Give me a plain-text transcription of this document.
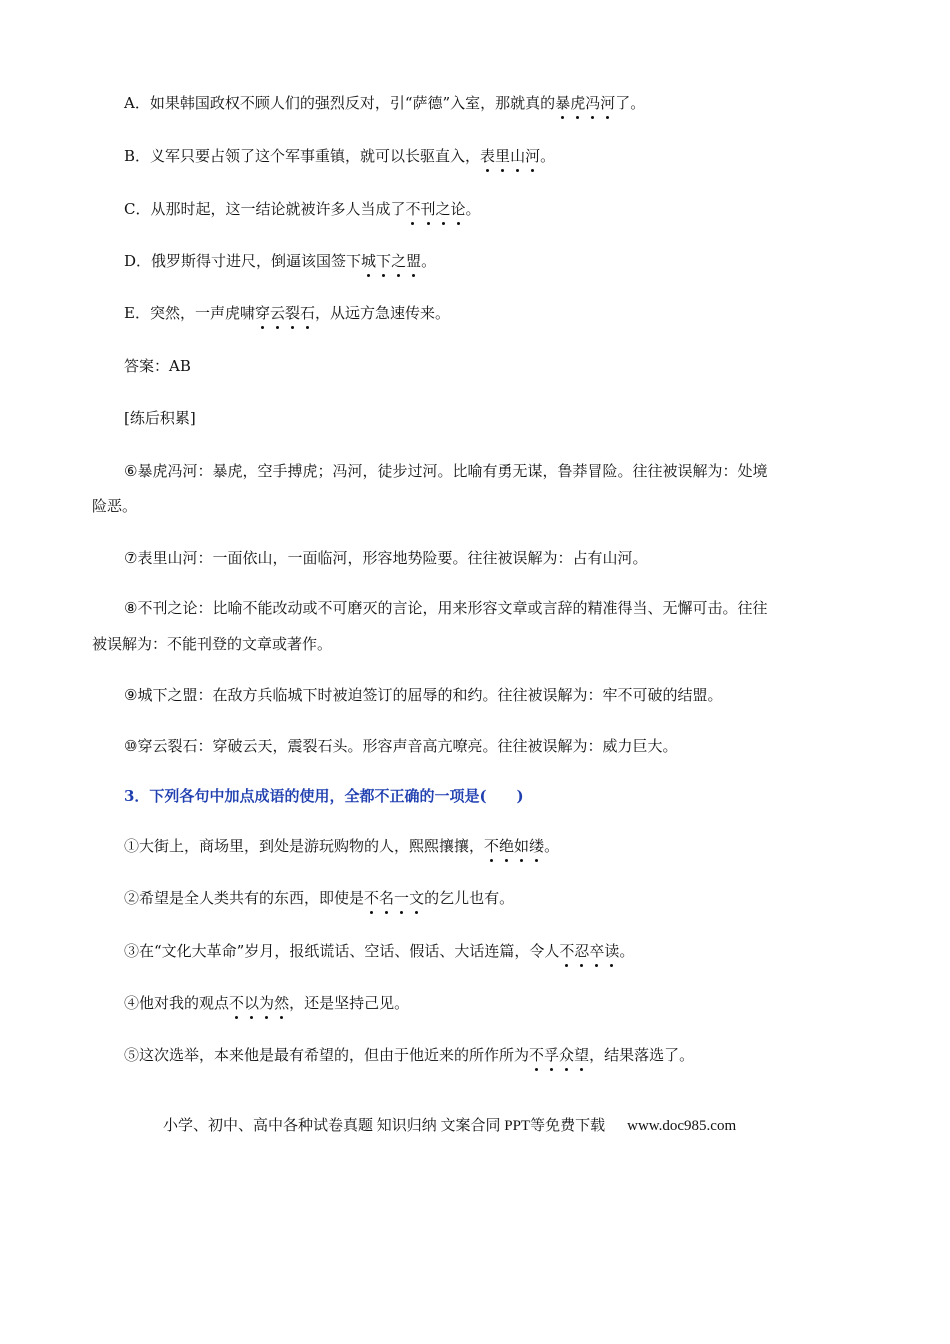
A．如果韩国政权不顾人们的强烈反对，引“萨德”入室，那就真的暴虎冯河了。
B．义军只要占领了这个军事重镇，就可以长驱直入，表里山河。
C．从那时起，这一结论就被许多人当成了不刊之论。
D．俄罗斯得寸进尺，倒逼该国签下城下之盟。
E．突然，一声虎啸穿云裂石，从远方急速传来。
答案：AB
[练后积累]
⑥暴虎冯河：暴虎，空手搏虎；冯河，徒步过河。比喻有勇无谋，鲁莽冒险。往往被误解为：处境
险恶。
⑦表里山河：一面依山，一面临河，形容地势险要。往往被误解为：占有山河。
⑧不刊之论：比喻不能改动或不可磨灭的言论，用来形容文章或言辞的精准得当、无懈可击。往往
被误解为：不能刊登的文章或著作。
⑨城下之盟：在敌方兵临城下时被迫签订的屈辱的和约。往往被误解为：牢不可破的结盟。
⑩穿云裂石：穿破云天，震裂石头。形容声音高亢嘹亮。往往被误解为：威力巨大。
3．下列各句中加点成语的使用，全都不正确的一项是(　　)
①大街上，商场里，到处是游玩购物的人，熙熙攘攘，不绝如缕。
②希望是全人类共有的东西，即使是不名一文的乞儿也有。
③在“文化大革命”岁月，报纸谎话、空话、假话、大话连篇，令人不忍卒读。
④他对我的观点不以为然，还是坚持己见。
⑤这次选举，本来他是最有希望的，但由于他近来的所作所为不孚众望，结果落选了。
小学、初中、高中各种试卷真题 知识归纳 文案合同 PPT等免费下载 www.doc985.com
